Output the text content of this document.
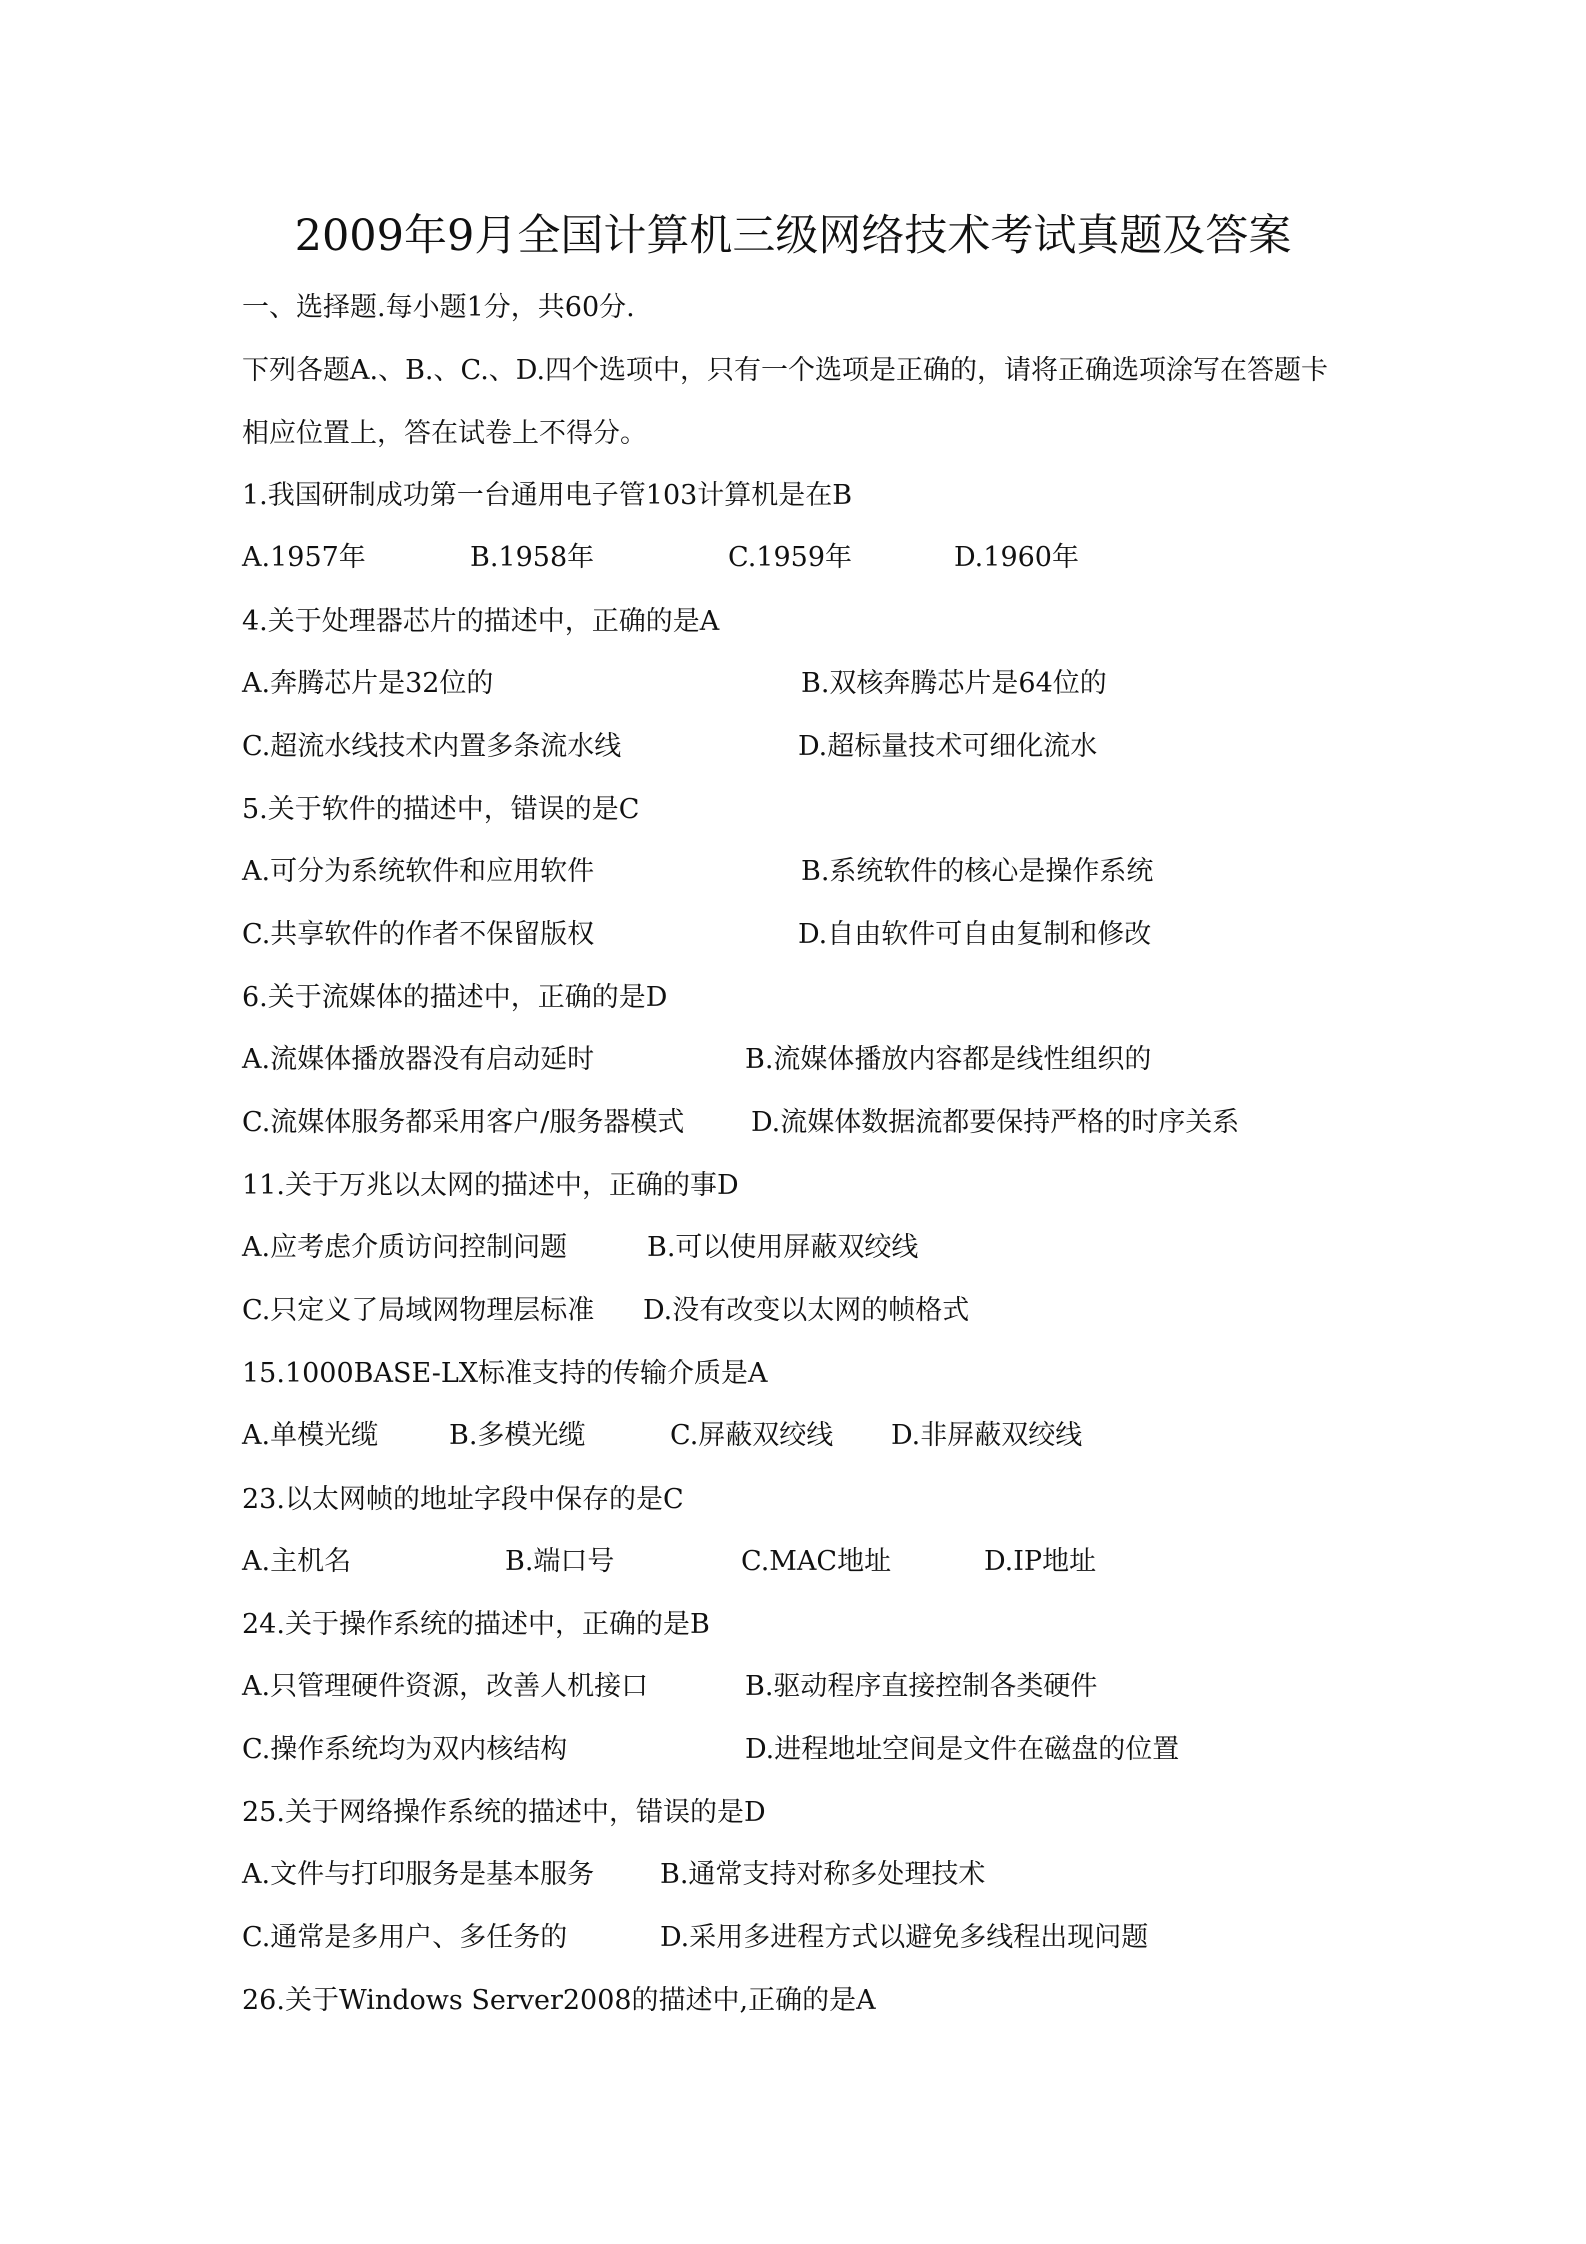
2009年9月全国计算机三级网络技术考试真题及答案
一、选择题.每小题1分，共60分.
下列各题A.、B.、C.、D.四个选项中，只有一个选项是正确的，请将正确选项涂写在答题卡
相应位置上，答在试卷上不得分。
1.我国研制成功第一台通用电子管103计算机是在B
A.1957年	B.1958年	C.1959年	D.1960年
4.关于处理器芯片的描述中，正确的是A
A.奔腾芯片是32位的	B.双核奔腾芯片是64位的
C.超流水线技术内置多条流水线	D.超标量技术可细化流水
5.关于软件的描述中，错误的是C
A.可分为系统软件和应用软件	B.系统软件的核心是操作系统
C.共享软件的作者不保留版权	D.自由软件可自由复制和修改
6.关于流媒体的描述中，正确的是D
A.流媒体播放器没有启动延时	B.流媒体播放内容都是线性组织的
C.流媒体服务都采用客户/服务器模式 D.流媒体数据流都要保持严格的时序关系
11.关于万兆以太网的描述中，正确的事D
A.应考虑介质访问控制问题	B.可以使用屏蔽双绞线
C.只定义了局域网物理层标准 D.没有改变以太网的帧格式
15.1000BASE-LX标准支持的传输介质是A
A.单模光缆	B.多模光缆	C.屏蔽双绞线 D.非屏蔽双绞线
23.以太网帧的地址字段中保存的是C
A.主机名	B.端口号	C.MAC地址	D.IP地址
24.关于操作系统的描述中，正确的是B
A.只管理硬件资源，改善人机接口	B.驱动程序直接控制各类硬件
C.操作系统均为双内核结构	D.进程地址空间是文件在磁盘的位置
25.关于网络操作系统的描述中，错误的是D
A.文件与打印服务是基本服务 B.通常支持对称多处理技术
C.通常是多用户、多任务的	D.采用多进程方式以避免多线程出现问题
26.关于Windows Server2008的描述中,正确的是A
